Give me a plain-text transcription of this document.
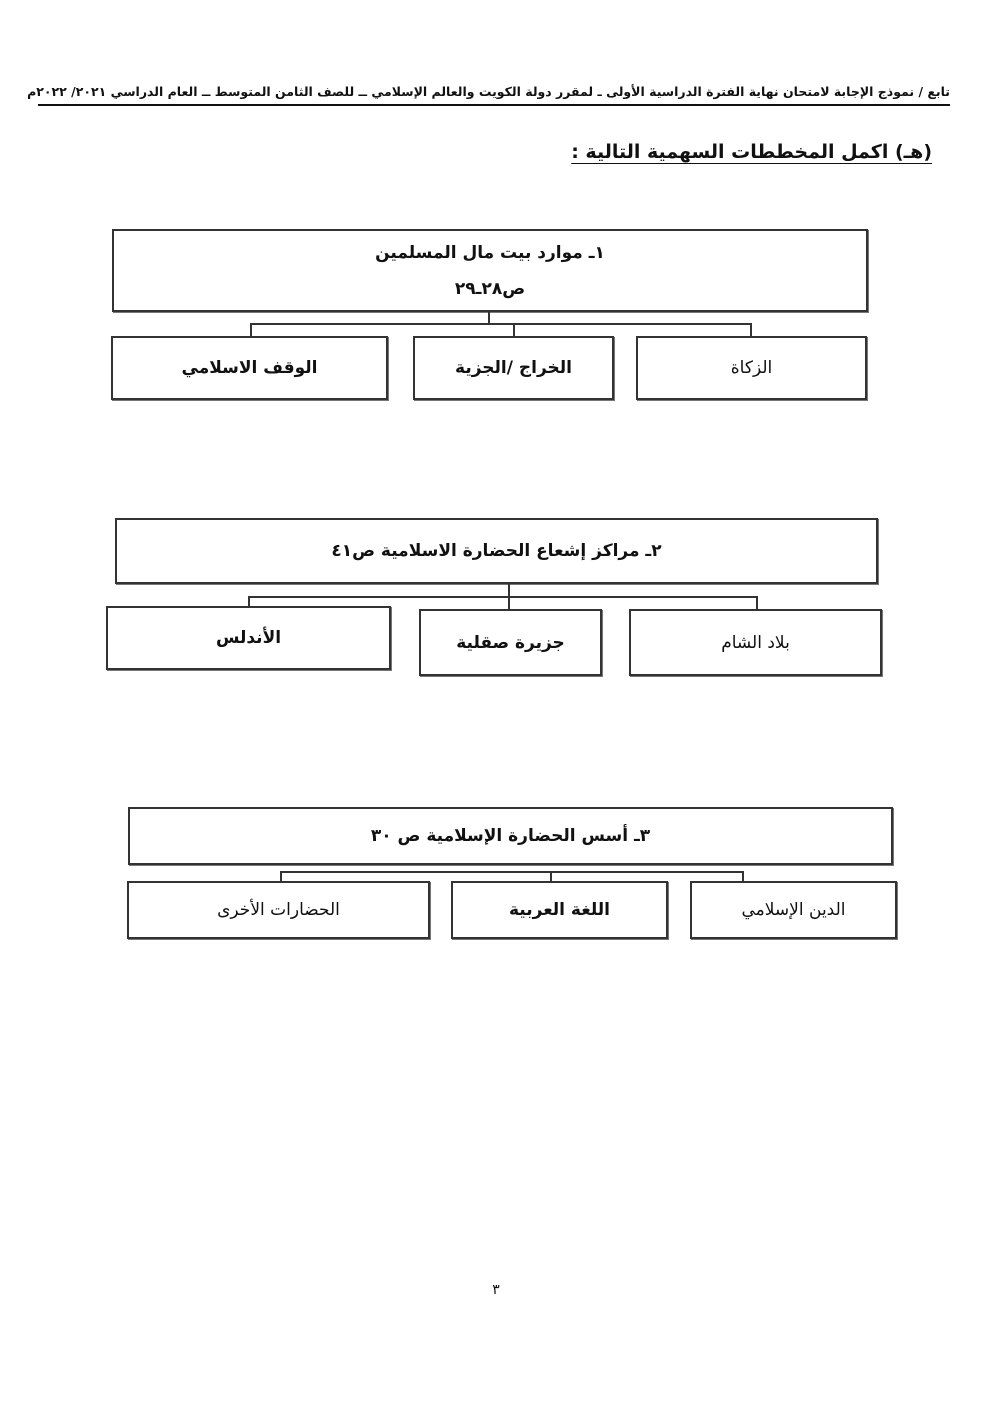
تابع / نموذج الإجابة لامتحان نهاية الفترة الدراسية الأولى ـ لمقرر دولة الكويت والعالم الإسلامي ــ للصف الثامن المتوسط ــ العام الدراسي ٢٠٢١/ ٢٠٢٢م
(هـ) اكمل المخططات السهمية التالية :
١ـ موارد بيت مال المسلمين
ص٢٨ـ٢٩
الزكاة
الخراج /الجزية
الوقف الاسلامي
٢ـ مراكز إشعاع الحضارة الاسلامية ص٤١
بلاد الشام
جزيرة صقلية
الأندلس
٣ـ أسس الحضارة الإسلامية ص ٣٠
الدين الإسلامي
اللغة العربية
الحضارات الأخرى
٣
